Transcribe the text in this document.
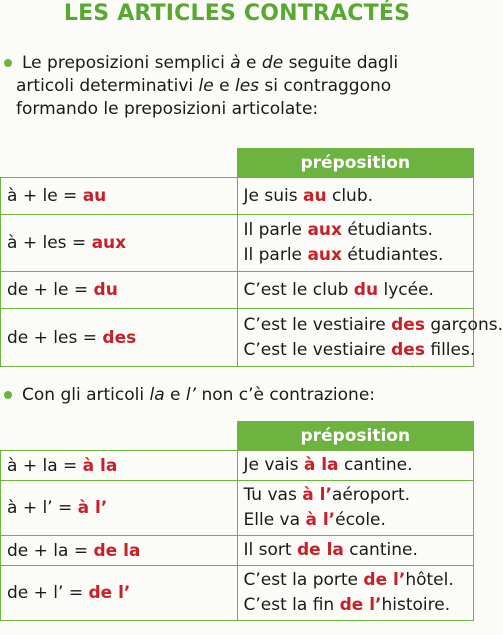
LES ARTICLES CONTRACTÉS
Le preposizioni semplici à e de seguite dagli
articoli determinativi le e les si contraggono
formando le preposizioni articolate:
	préposition
à + le = au	Je suis au club.

à + les = aux	Il parle aux étudiants.
Il parle aux étudiantes.

de + le = du	C’est le club du lycée.

de + les = des	C’est le vestiaire des garçons.
C’est le vestiaire des filles.
Con gli articoli la e l’ non c’è contrazione:
	préposition
à + la = à la	Je vais à la cantine.

à + l’ = à l’	Tu vas à l’aéroport.
Elle va à l’école.

de + la = de la	Il sort de la cantine.

de + l’ = de l’	C’est la porte de l’hôtel.
C’est la fin de l’histoire.
